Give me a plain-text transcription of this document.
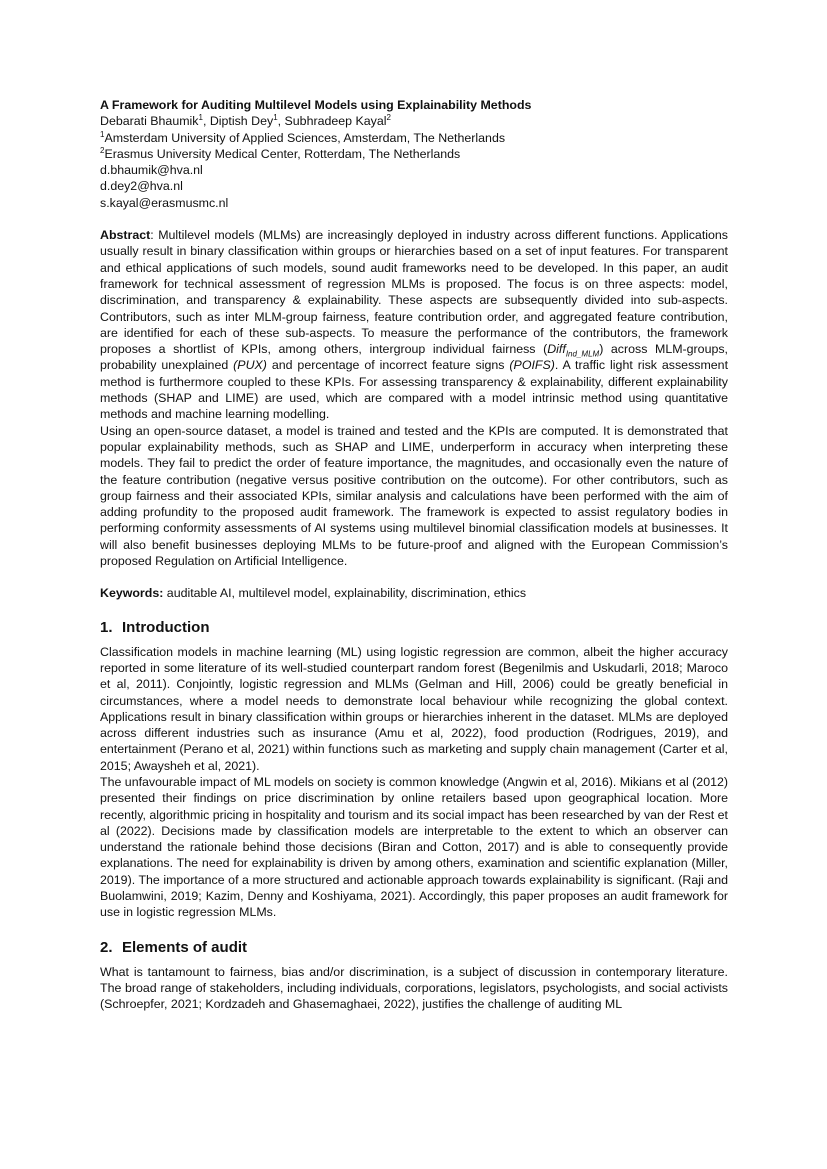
A Framework for Auditing Multilevel Models using Explainability Methods

Debarati Bhaumik$^1$, Diptish Dey$^1$, Subhradeep Kayal$^2$

$^1$Amsterdam University of Applied Sciences, Amsterdam, The Netherlands

$^2$Erasmus University Medical Center, Rotterdam, The Netherlands

d.bhaumik@hva.nl

d.dey2@hva.nl

s.kayal@erasmusmc.nl

Abstract: Multilevel models (MLMs) are increasingly deployed in industry across different functions. Applications usually result in binary classification within groups or hierarchies based on a set of input features. For transparent and ethical applications of such models, sound audit frameworks need to be developed. In this paper, an audit framework for technical assessment of regression MLMs is proposed. The focus is on three aspects: model, discrimination, and transparency & explainability. These aspects are subsequently divided into sub-aspects. Contributors, such as inter MLM-group fairness, feature contribution order, and aggregated feature contribution, are identified for each of these sub-aspects. To measure the performance of the contributors, the framework proposes a shortlist of KPIs, among others, intergroup individual fairness (Diff$_{Ind\_MLM}$) across MLM-groups, probability unexplained (PUX) and percentage of incorrect feature signs (POIFS). A traffic light risk assessment method is furthermore coupled to these KPIs. For assessing transparency & explainability, different explainability methods (SHAP and LIME) are used, which are compared with a model intrinsic method using quantitative methods and machine learning modelling.

Using an open-source dataset, a model is trained and tested and the KPIs are computed. It is demonstrated that popular explainability methods, such as SHAP and LIME, underperform in accuracy when interpreting these models. They fail to predict the order of feature importance, the magnitudes, and occasionally even the nature of the feature contribution (negative versus positive contribution on the outcome). For other contributors, such as group fairness and their associated KPIs, similar analysis and calculations have been performed with the aim of adding profundity to the proposed audit framework. The framework is expected to assist regulatory bodies in performing conformity assessments of AI systems using multilevel binomial classification models at businesses. It will also benefit businesses deploying MLMs to be future-proof and aligned with the European Commission’s proposed Regulation on Artificial Intelligence.

Keywords: auditable AI, multilevel model, explainability, discrimination, ethics

1. Introduction

Classification models in machine learning (ML) using logistic regression are common, albeit the higher accuracy reported in some literature of its well-studied counterpart random forest (Begenilmis and Uskudarli, 2018; Maroco et al, 2011). Conjointly, logistic regression and MLMs (Gelman and Hill, 2006) could be greatly beneficial in circumstances, where a model needs to demonstrate local behaviour while recognizing the global context. Applications result in binary classification within groups or hierarchies inherent in the dataset. MLMs are deployed across different industries such as insurance (Amu et al, 2022), food production (Rodrigues, 2019), and entertainment (Perano et al, 2021) within functions such as marketing and supply chain management (Carter et al, 2015; Awaysheh et al, 2021).

The unfavourable impact of ML models on society is common knowledge (Angwin et al, 2016). Mikians et al (2012) presented their findings on price discrimination by online retailers based upon geographical location. More recently, algorithmic pricing in hospitality and tourism and its social impact has been researched by van der Rest et al (2022). Decisions made by classification models are interpretable to the extent to which an observer can understand the rationale behind those decisions (Biran and Cotton, 2017) and is able to consequently provide explanations. The need for explainability is driven by among others, examination and scientific explanation (Miller, 2019). The importance of a more structured and actionable approach towards explainability is significant. (Raji and Buolamwini, 2019; Kazim, Denny and Koshiyama, 2021). Accordingly, this paper proposes an audit framework for use in logistic regression MLMs.

2. Elements of audit

What is tantamount to fairness, bias and/or discrimination, is a subject of discussion in contemporary literature. The broad range of stakeholders, including individuals, corporations, legislators, psychologists, and social activists (Schroepfer, 2021; Kordzadeh and Ghasemaghaei, 2022), justifies the challenge of auditing ML
